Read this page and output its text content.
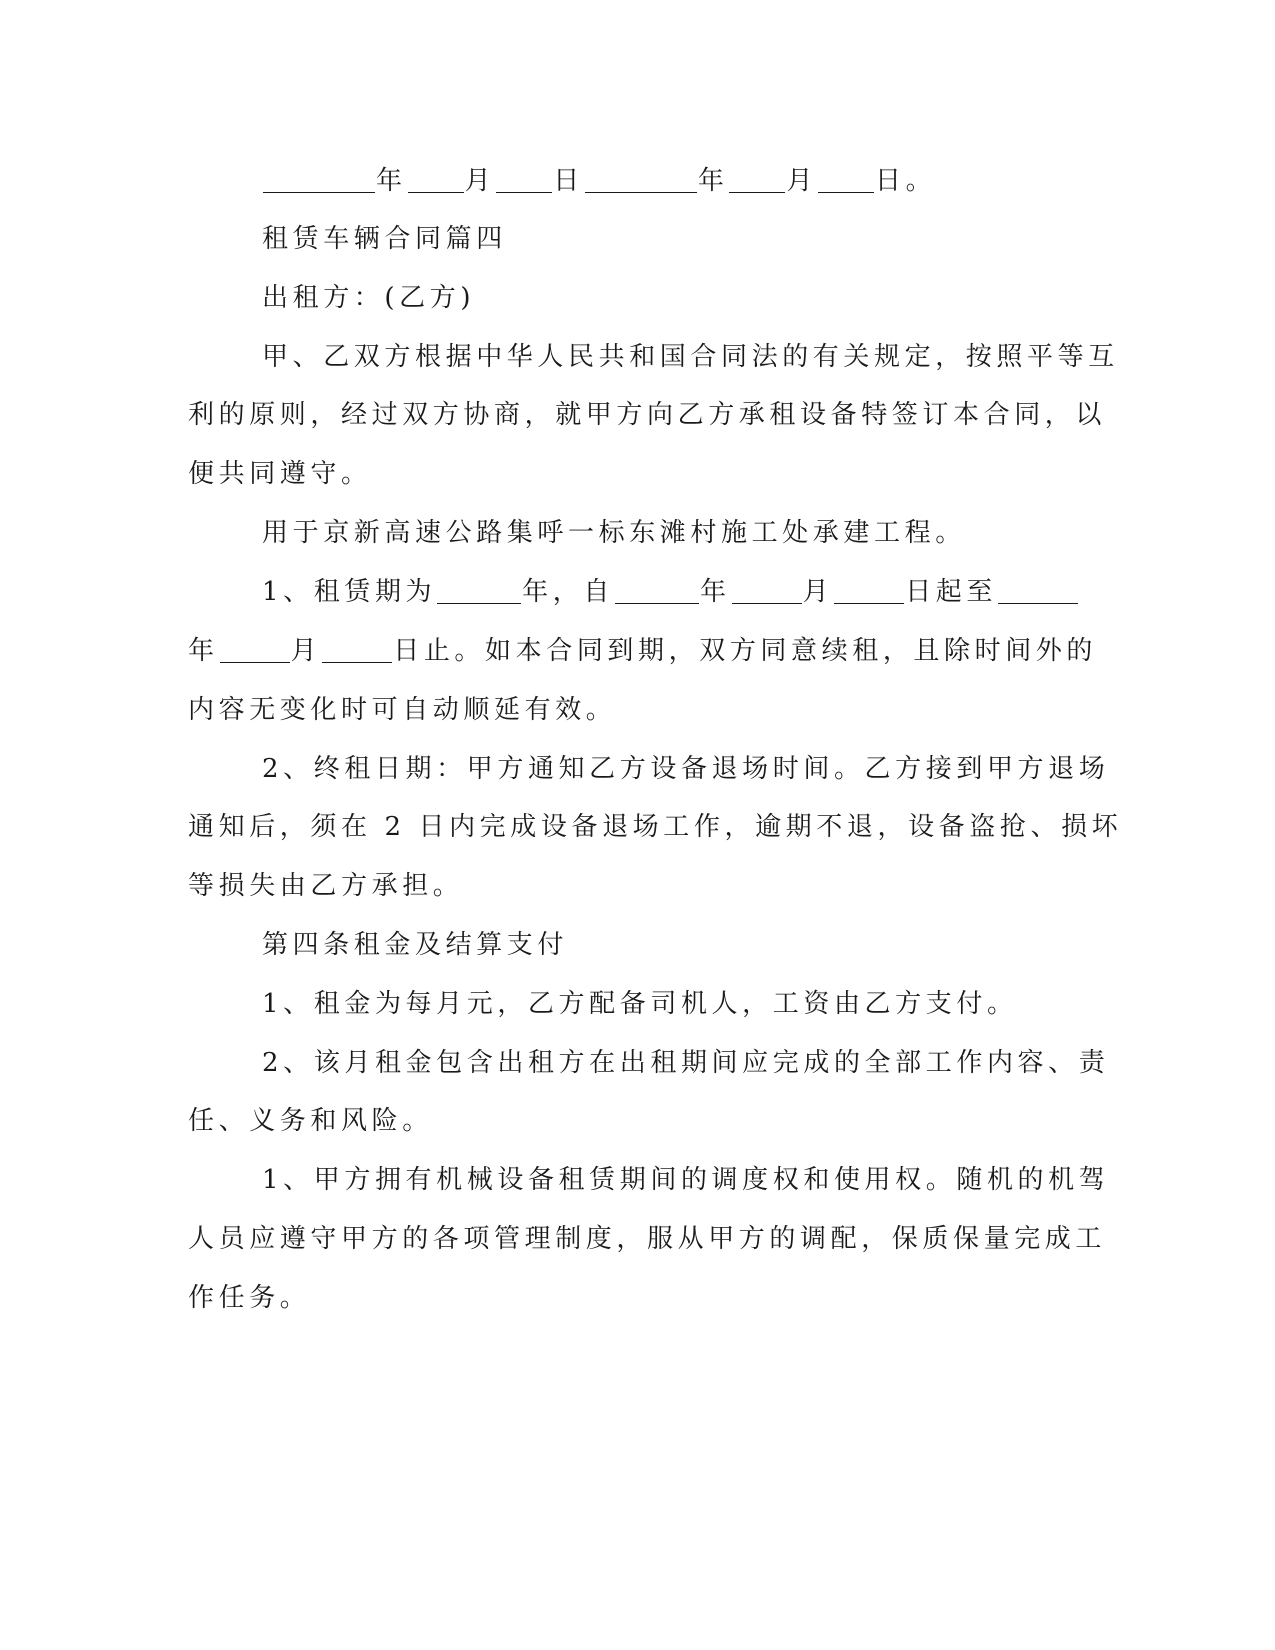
年 月 日	年 月 日。
租赁车辆合同篇四
出租方：(乙方)
甲、乙双方根据中华人民共和国合同法的有关规定，按照平等互
利的原则，经过双方协商，就甲方向乙方承租设备特签订本合同，以
便共同遵守。
用于京新高速公路集呼一标东滩村施工处承建工程。
1、租赁期为	年，自	年	月	日起至
年	月	日止。如本合同到期，双方同意续租，且除时间外的
内容无变化时可自动顺延有效。
2、终租日期：甲方通知乙方设备退场时间。乙方接到甲方退场
通知后，须在 2 日内完成设备退场工作，逾期不退，设备盗抢、损坏
等损失由乙方承担。
第四条租金及结算支付
1、租金为每月元，乙方配备司机人，工资由乙方支付。
2、该月租金包含出租方在出租期间应完成的全部工作内容、责
任、义务和风险。
1、甲方拥有机械设备租赁期间的调度权和使用权。随机的机驾
人员应遵守甲方的各项管理制度，服从甲方的调配，保质保量完成工
作任务。
